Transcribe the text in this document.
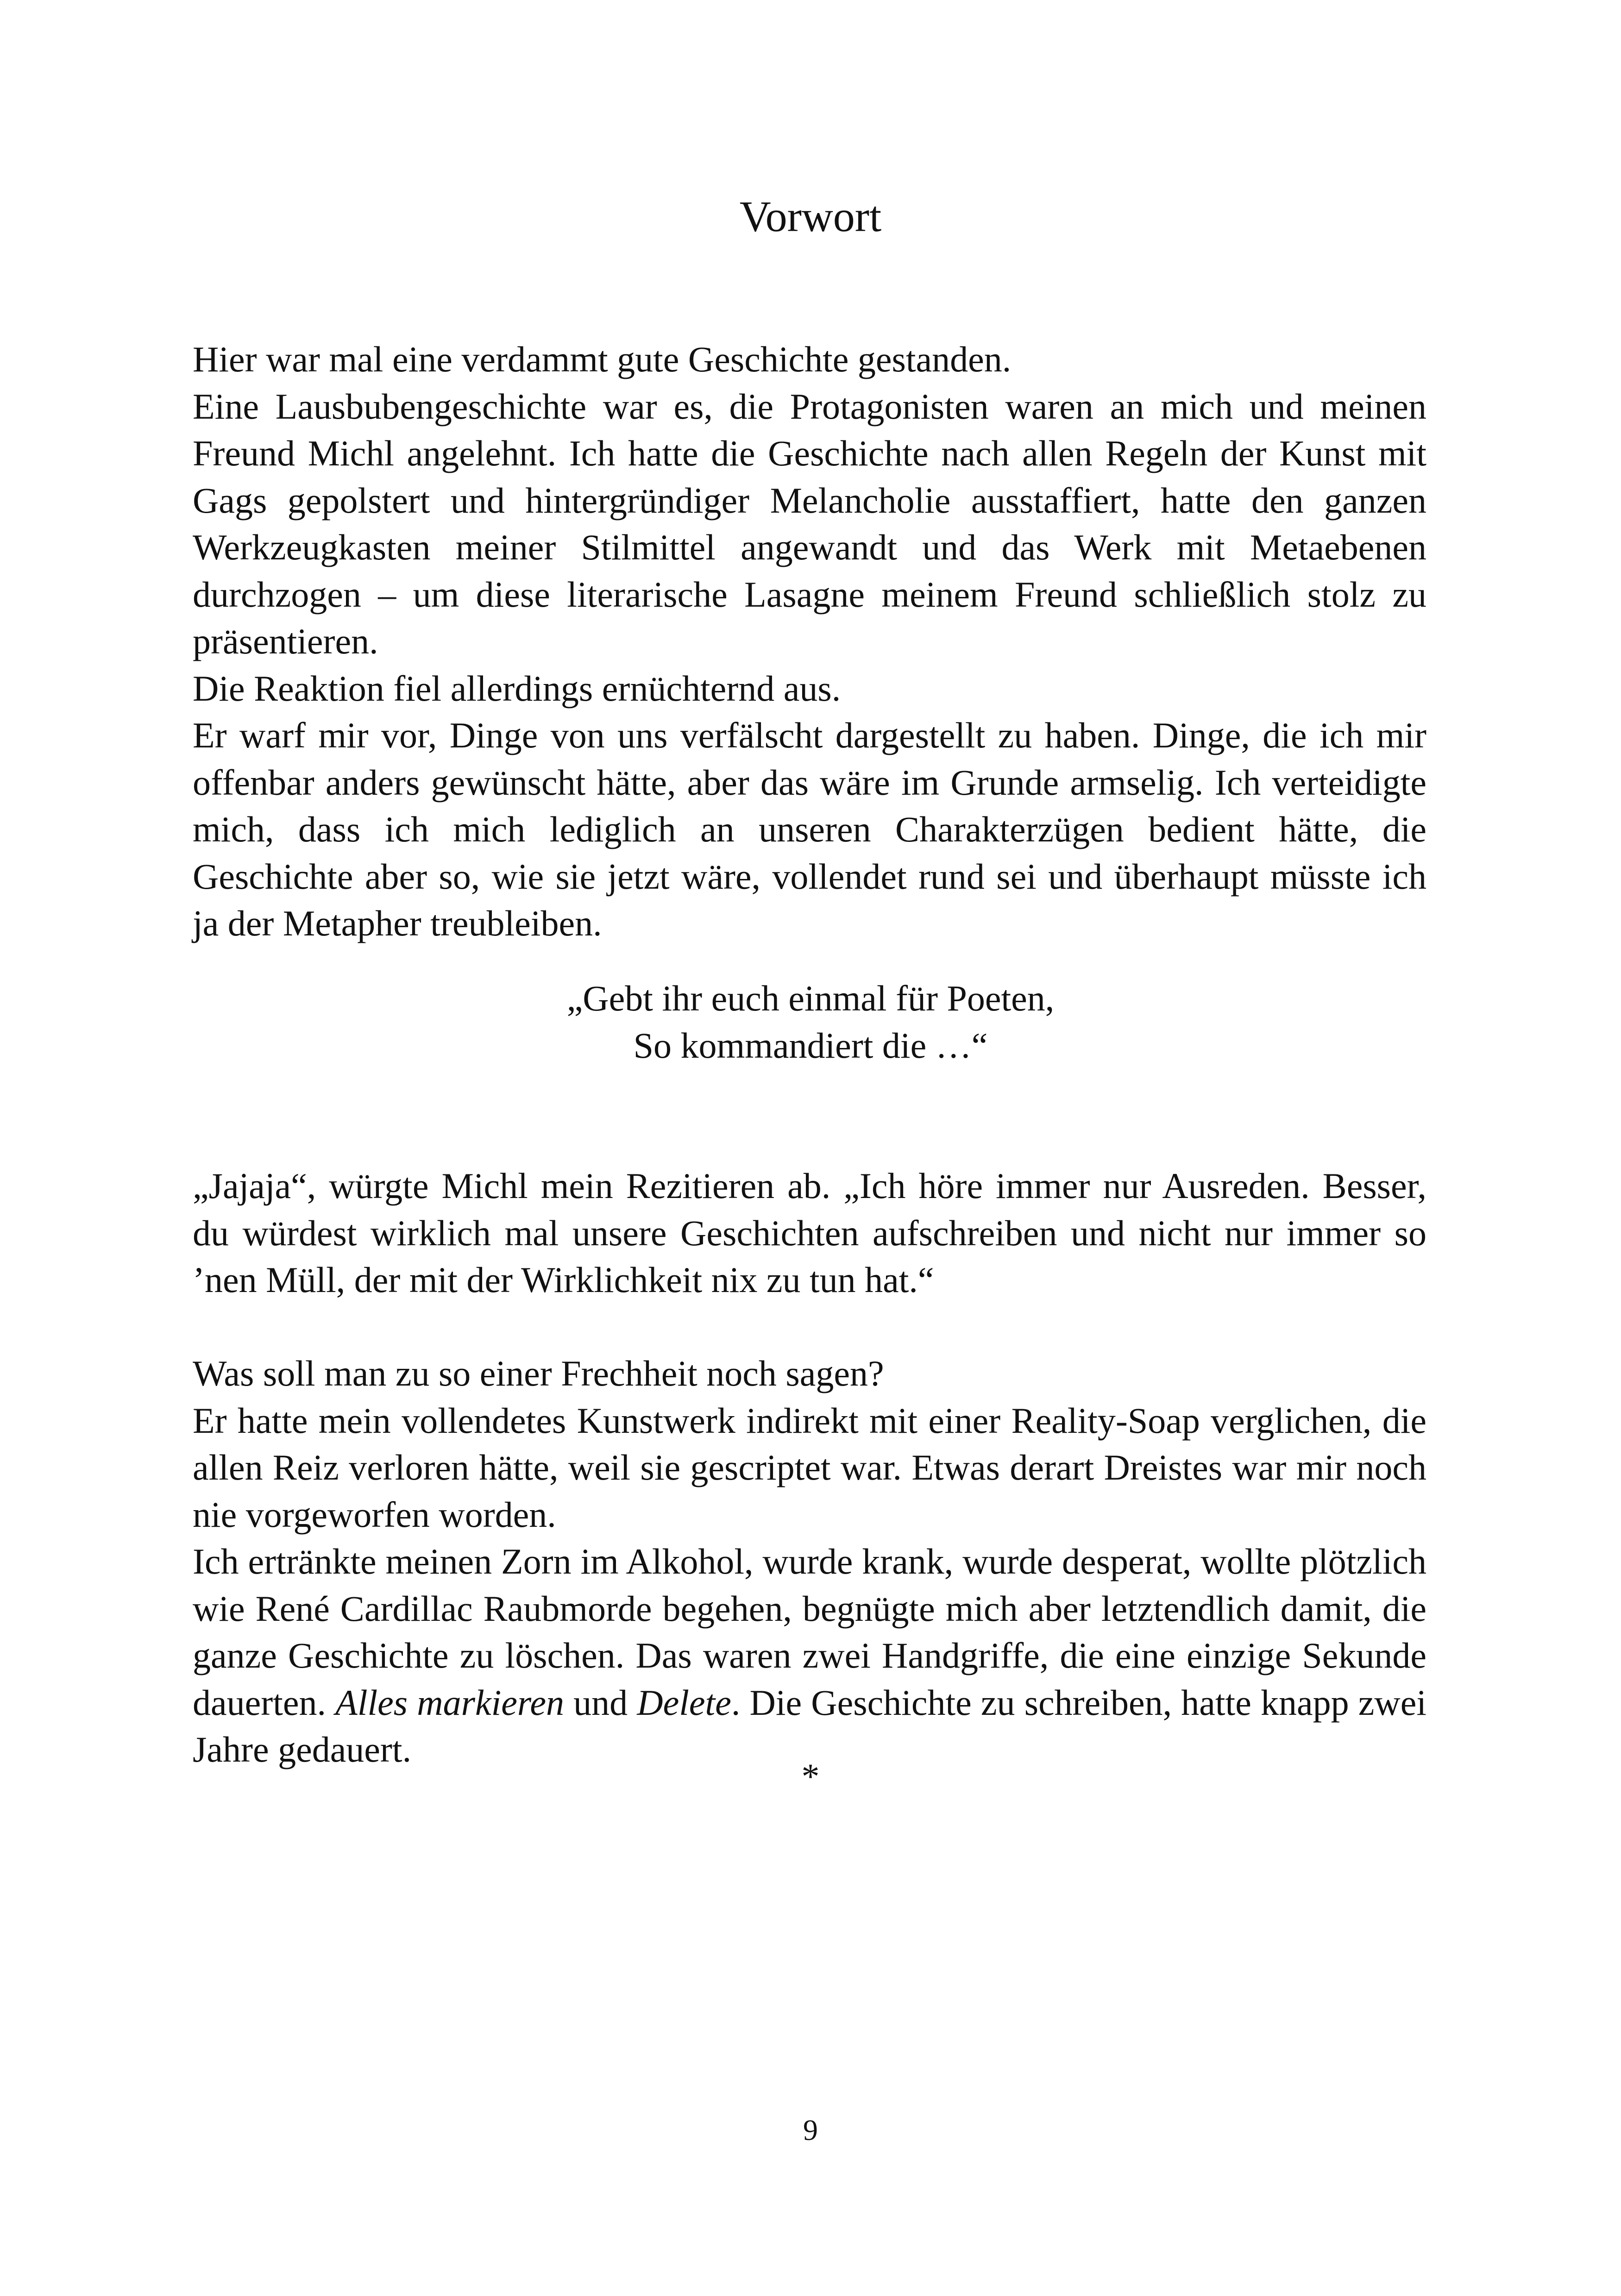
Vorwort

Hier war mal eine verdammt gute Geschichte gestanden.

Eine Lausbubengeschichte war es, die Protagonisten waren an mich und meinen Freund Michl angelehnt. Ich hatte die Geschichte nach allen Regeln der Kunst mit Gags gepolstert und hintergründiger Melancholie ausstaffiert, hatte den ganzen Werkzeugkasten meiner Stilmittel angewandt und das Werk mit Metaebenen durchzogen – um diese literarische Lasagne meinem Freund schließlich stolz zu präsentieren.

Die Reaktion fiel allerdings ernüchternd aus.

Er warf mir vor, Dinge von uns verfälscht dargestellt zu haben. Dinge, die ich mir offenbar anders gewünscht hätte, aber das wäre im Grunde armselig. Ich verteidigte mich, dass ich mich lediglich an unseren Charakterzügen bedient hätte, die Geschichte aber so, wie sie jetzt wäre, vollendet rund sei und überhaupt müsste ich ja der Metapher treubleiben.

„Gebt ihr euch einmal für Poeten,

So kommandiert die …“

„Jajaja“, würgte Michl mein Rezitieren ab. „Ich höre immer nur Ausreden. Besser, du würdest wirklich mal unsere Geschichten aufschreiben und nicht nur immer so ’nen Müll, der mit der Wirklichkeit nix zu tun hat.“

Was soll man zu so einer Frechheit noch sagen?

Er hatte mein vollendetes Kunstwerk indirekt mit einer Reality-Soap verglichen, die allen Reiz verloren hätte, weil sie gescriptet war. Etwas derart Dreistes war mir noch nie vorgeworfen worden.

Ich ertränkte meinen Zorn im Alkohol, wurde krank, wurde desperat, wollte plötzlich wie René Cardillac Raubmorde begehen, begnügte mich aber letztendlich damit, die ganze Geschichte zu löschen. Das waren zwei Handgriffe, die eine einzige Sekunde dauerten. Alles markieren und Delete. Die Geschichte zu schreiben, hatte knapp zwei Jahre gedauert.

*
9
